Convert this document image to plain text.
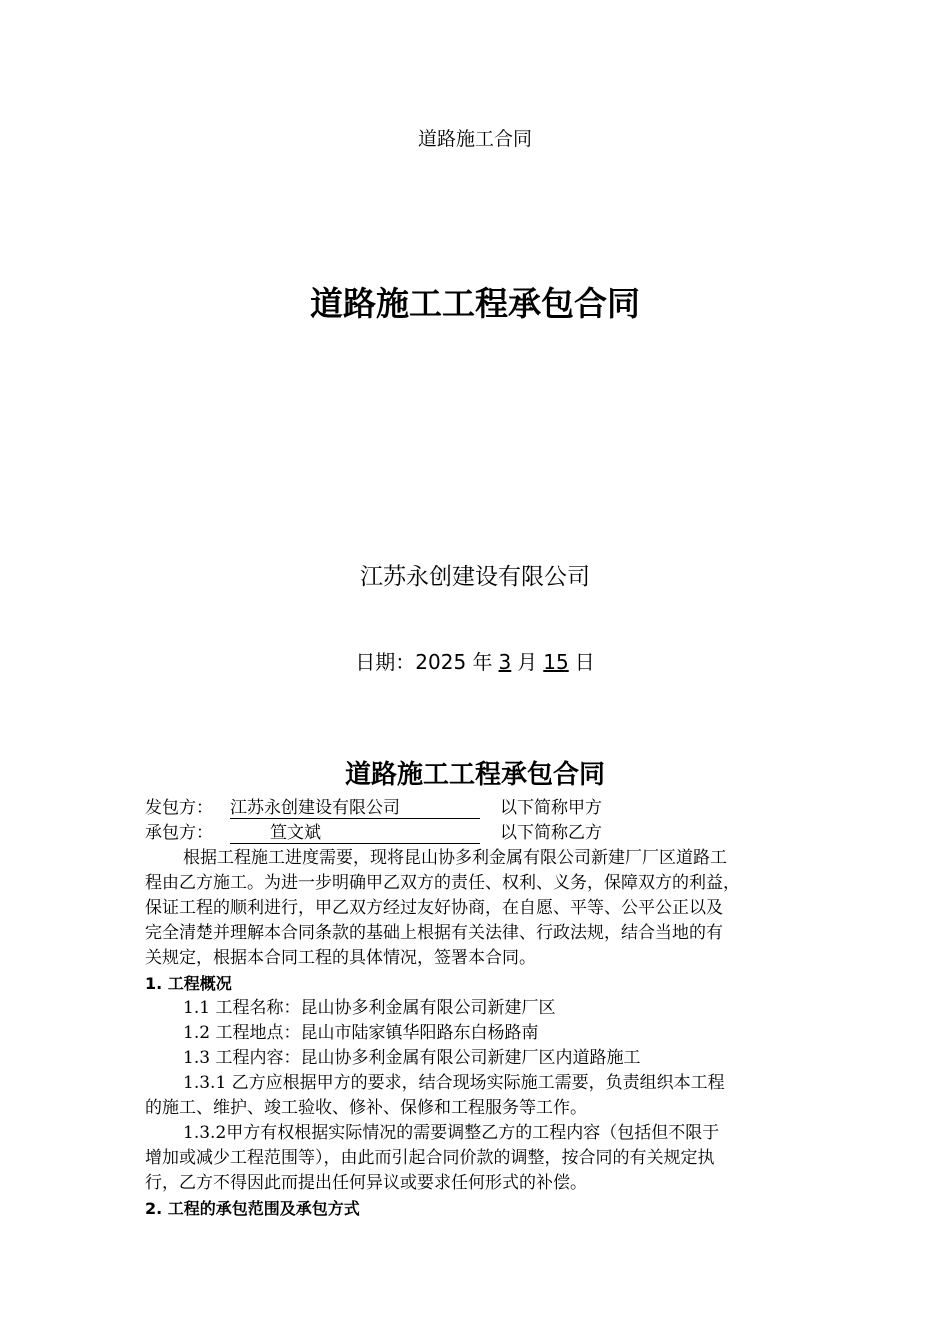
道路施工合同
道路施工工程承包合同
江苏永创建设有限公司
日期：2025 年 3 月 15 日
道路施工工程承包合同
发包方： 江苏永创建设有限公司	以下简称甲方
承包方：	笪文斌	以下简称乙方
根据工程施工进度需要，现将昆山协多利金属有限公司新建厂厂区道路工
程由乙方施工。为进一步明确甲乙双方的责任、权利、义务，保障双方的利益，
保证工程的顺利进行，甲乙双方经过友好协商，在自愿、平等、公平公正以及
完全清楚并理解本合同条款的基础上根据有关法律、行政法规，结合当地的有
关规定，根据本合同工程的具体情况，签署本合同。
1. 工程概况
1.1 工程名称：昆山协多利金属有限公司新建厂区
1.2 工程地点：昆山市陆家镇华阳路东白杨路南
1.3 工程内容：昆山协多利金属有限公司新建厂区内道路施工
1.3.1 乙方应根据甲方的要求，结合现场实际施工需要，负责组织本工程
的施工、维护、竣工验收、修补、保修和工程服务等工作。
1.3.2甲方有权根据实际情况的需要调整乙方的工程内容（包括但不限于
增加或减少工程范围等），由此而引起合同价款的调整，按合同的有关规定执
行，乙方不得因此而提出任何异议或要求任何形式的补偿。
2. 工程的承包范围及承包方式
